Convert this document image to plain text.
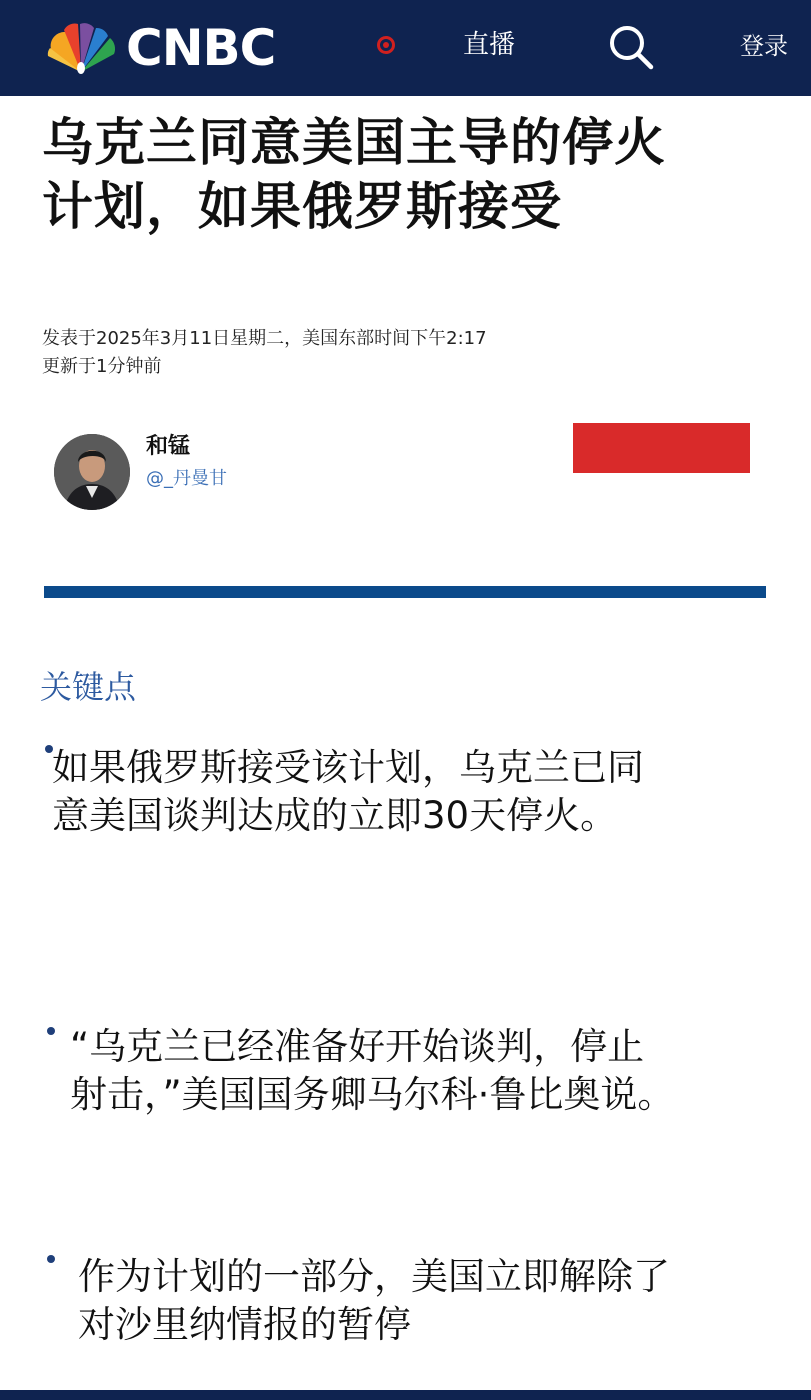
CNBC	直播	登录
乌克兰同意美国主导的停火计划，如果俄罗斯接受
发表于2025年3月11日星期二，美国东部时间下午2:17
更新于1分钟前
和锰
@_丹曼甘
关键点

如果俄罗斯接受该计划，乌克兰已同意美国谈判达成的立即30天停火。

“乌克兰已经准备好开始谈判，停止射击，”美国国务卿马尔科·鲁比奥说。

作为计划的一部分，美国立即解除了对沙里纳情报的暂停
